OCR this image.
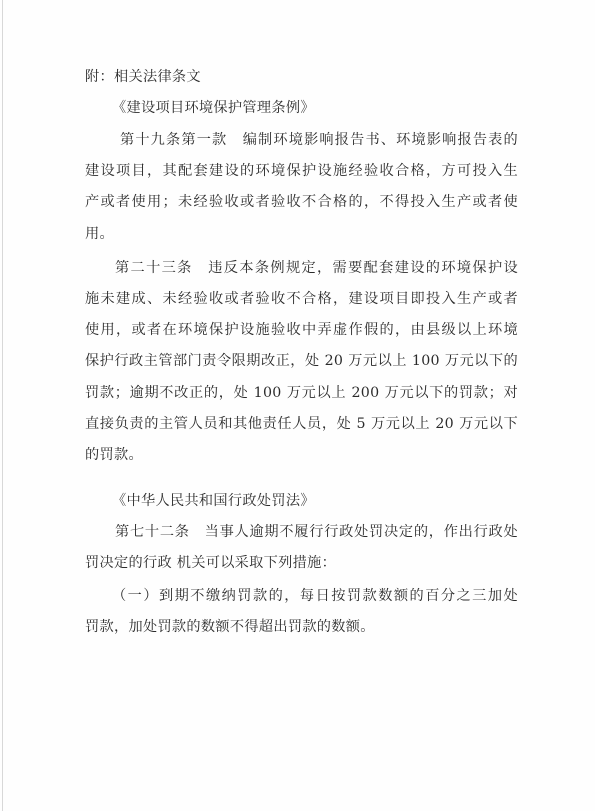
附：相关法律条文
《建设项目环境保护管理条例》
第十九条第一款　编制环境影响报告书、环境影响报告表的
建设项目，其配套建设的环境保护设施经验收合格，方可投入生
产或者使用；未经验收或者验收不合格的，不得投入生产或者使
用。
第二十三条　违反本条例规定，需要配套建设的环境保护设
施未建成、未经验收或者验收不合格，建设项目即投入生产或者
使用，或者在环境保护设施验收中弄虚作假的，由县级以上环境
保护行政主管部门责令限期改正，处 20 万元以上 100 万元以下的
罚款；逾期不改正的，处 100 万元以上 200 万元以下的罚款；对
直接负责的主管人员和其他责任人员，处 5 万元以上 20 万元以下
的罚款。
《中华人民共和国行政处罚法》
第七十二条　当事人逾期不履行行政处罚决定的，作出行政处
罚决定的行政 机关可以采取下列措施：
（一）到期不缴纳罚款的，每日按罚款数额的百分之三加处
罚款，加处罚款的数额不得超出罚款的数额。
